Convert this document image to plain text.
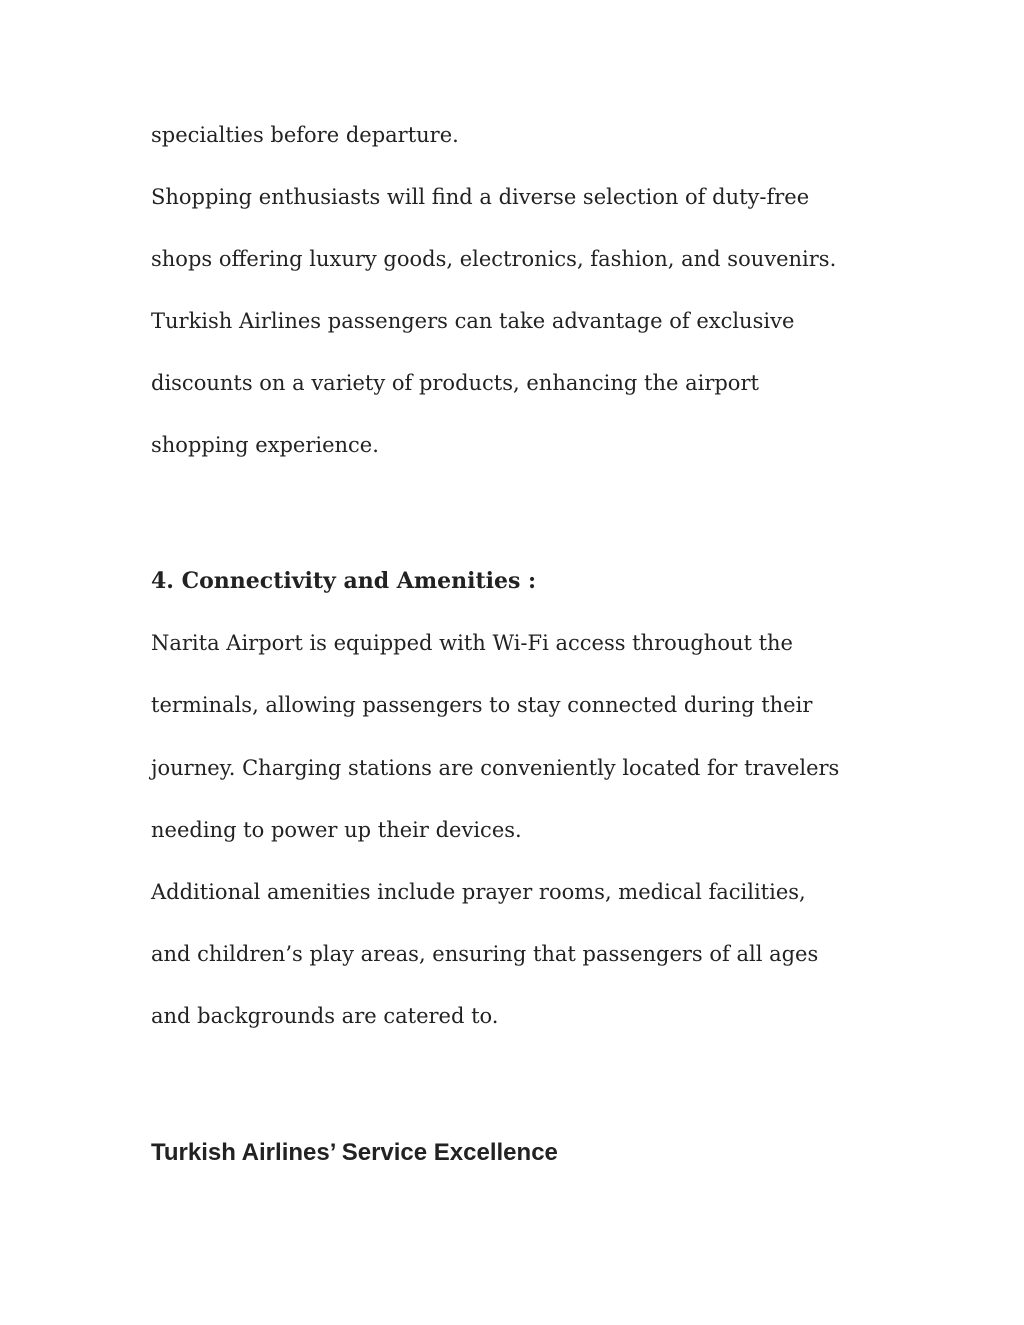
specialties before departure.

Shopping enthusiasts will find a diverse selection of duty-free

shops offering luxury goods, electronics, fashion, and souvenirs.

Turkish Airlines passengers can take advantage of exclusive

discounts on a variety of products, enhancing the airport

shopping experience.

4. Connectivity and Amenities :

Narita Airport is equipped with Wi-Fi access throughout the

terminals, allowing passengers to stay connected during their

journey. Charging stations are conveniently located for travelers

needing to power up their devices.

Additional amenities include prayer rooms, medical facilities,

and children’s play areas, ensuring that passengers of all ages

and backgrounds are catered to.

Turkish Airlines’ Service Excellence
